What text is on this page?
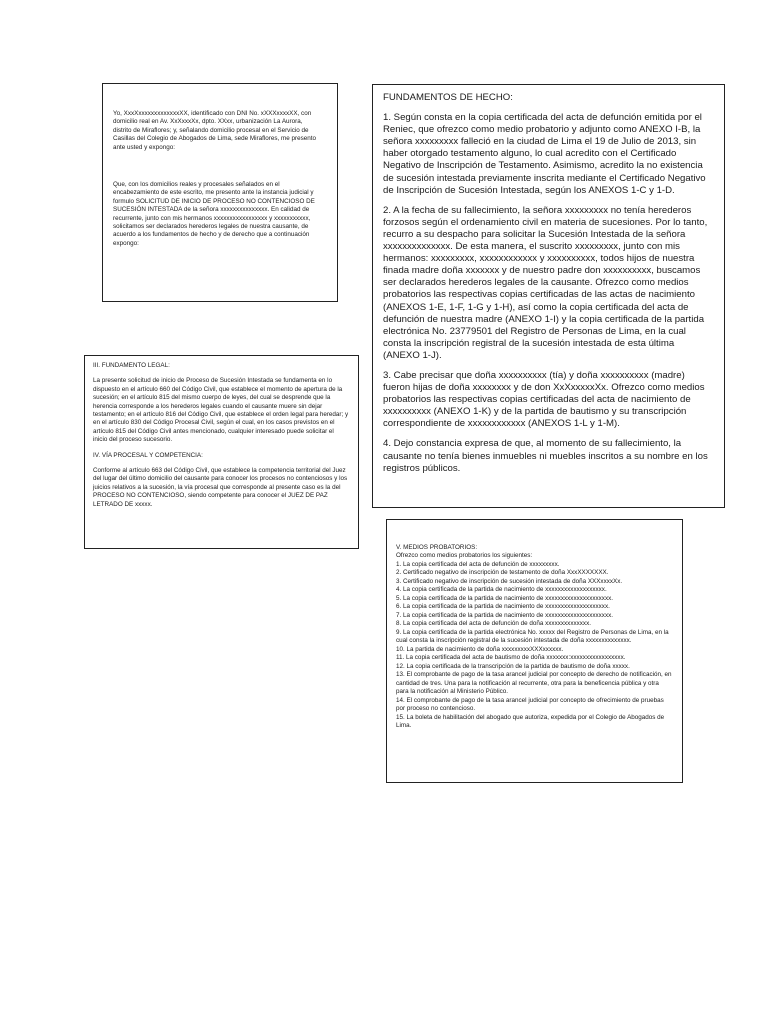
Yo, XxxXxxxxxxxxxxxxxXX, identificado con DNI No. xXXXxxxxXX, con domicilio real en Av. XxXxxxXx, dpto. XXxx, urbanización La Aurora, distrito de Miraflores; y, señalando domicilio procesal en el Servicio de Casillas del Colegio de Abogados de Lima, sede Miraflores, me presento ante usted y expongo:

Que, con los domicilios reales y procesales señalados en el encabezamiento de este escrito, me presento ante la instancia judicial y formulo SOLICITUD DE INICIO DE PROCESO NO CONTENCIOSO DE SUCESIÓN INTESTADA de la señora xxxxxxxxxxxxxxx. En calidad de recurrente, junto con mis hermanos xxxxxxxxxxxxxxxxx y xxxxxxxxxxx, solicitamos ser declarados herederos legales de nuestra causante, de acuerdo a los fundamentos de hecho y de derecho que a continuación expongo:

III. FUNDAMENTO LEGAL:

La presente solicitud de inicio de Proceso de Sucesión Intestada se fundamenta en lo dispuesto en el artículo 660 del Código Civil, que establece el momento de apertura de la sucesión; en el artículo 815 del mismo cuerpo de leyes, del cual se desprende que la herencia corresponde a los herederos legales cuando el causante muere sin dejar testamento; en el artículo 816 del Código Civil, que establece el orden legal para heredar; y en el artículo 830 del Código Procesal Civil, según el cual, en los casos previstos en el artículo 815 del Código Civil antes mencionado, cualquier interesado puede solicitar el inicio del proceso sucesorio.

IV. VÍA PROCESAL Y COMPETENCIA:

Conforme al artículo 663 del Código Civil, que establece la competencia territorial del Juez del lugar del último domicilio del causante para conocer los procesos no contenciosos y los juicios relativos a la sucesión, la vía procesal que corresponde al presente caso es la del PROCESO NO CONTENCIOSO, siendo competente para conocer el JUEZ DE PAZ LETRADO DE xxxxx.

FUNDAMENTOS DE HECHO:

1. Según consta en la copia certificada del acta de defunción emitida por el Reniec, que ofrezco como medio probatorio y adjunto como ANEXO I-B, la señora xxxxxxxxx falleció en la ciudad de Lima el 19 de Julio de 2013, sin haber otorgado testamento alguno, lo cual acredito con el Certificado Negativo de Inscripción de Testamento. Asimismo, acredito la no existencia de sucesión intestada previamente inscrita mediante el Certificado Negativo de Inscripción de Sucesión Intestada, según los ANEXOS 1-C y 1-D.

2. A la fecha de su fallecimiento, la señora xxxxxxxxx no tenía herederos forzosos según el ordenamiento civil en materia de sucesiones. Por lo tanto, recurro a su despacho para solicitar la Sucesión Intestada de la señora xxxxxxxxxxxxxx. De esta manera, el suscrito xxxxxxxxx, junto con mis hermanos: xxxxxxxxx, xxxxxxxxxxxx y xxxxxxxxxx, todos hijos de nuestra finada madre doña xxxxxxx y de nuestro padre don xxxxxxxxxx, buscamos ser declarados herederos legales de la causante. Ofrezco como medios probatorios las respectivas copias certificadas de las actas de nacimiento (ANEXOS 1-E, 1-F, 1-G y 1-H), así como la copia certificada del acta de defunción de nuestra madre (ANEXO 1-I) y la copia certificada de la partida electrónica No. 23779501 del Registro de Personas de Lima, en la cual consta la inscripción registral de la sucesión intestada de esta última (ANEXO 1-J).

3. Cabe precisar que doña xxxxxxxxxx (tía) y doña xxxxxxxxxx (madre) fueron hijas de doña xxxxxxxx y de don XxXxxxxxXx. Ofrezco como medios probatorios las respectivas copias certificadas del acta de nacimiento de xxxxxxxxxx (ANEXO 1-K) y de la partida de bautismo y su transcripción correspondiente de xxxxxxxxxxxx (ANEXOS 1-L y 1-M).

4. Dejo constancia expresa de que, al momento de su fallecimiento, la causante no tenía bienes inmuebles ni muebles inscritos a su nombre en los registros públicos.

V. MEDIOS PROBATORIOS:

Ofrezco como medios probatorios los siguientes:

1. La copia certificada del acta de defunción de xxxxxxxxx.
2. Certificado negativo de inscripción de testamento de doña XxxXXXXXXX.
3. Certificado negativo de inscripción de sucesión intestada de doña XXXxxxxXx.
4. La copia certificada de la partida de nacimiento de xxxxxxxxxxxxxxxxxxx.
5. La copia certificada de la partida de nacimiento de xxxxxxxxxxxxxxxxxxxxx.
6. La copia certificada de la partida de nacimiento de xxxxxxxxxxxxxxxxxxxx.
7. La copia certificada de la partida de nacimiento de xxxxxxxxxxxxxxxxxxxxx.
8. La copia certificada del acta de defunción de doña xxxxxxxxxxxxxx.
9. La copia certificada de la partida electrónica No. xxxxx del Registro de Personas de Lima, en la cual consta la inscripción registral de la sucesión intestada de doña xxxxxxxxxxxxxx.
10. La partida de nacimiento de doña xxxxxxxxxXXXxxxxxx.
11. La copia certificada del acta de bautismo de doña xxxxxxx:xxxxxxxxxxxxxxxxx.
12. La copia certificada de la transcripción de la partida de bautismo de doña xxxxx.
13. El comprobante de pago de la tasa arancel judicial por concepto de derecho de notificación, en cantidad de tres. Una para la notificación al recurrente, otra para la beneficencia pública y otra para la notificación al Ministerio Público.
14. El comprobante de pago de la tasa arancel judicial por concepto de ofrecimiento de pruebas por proceso no contencioso.
15. La boleta de habilitación del abogado que autoriza, expedida por el Colegio de Abogados de Lima.
